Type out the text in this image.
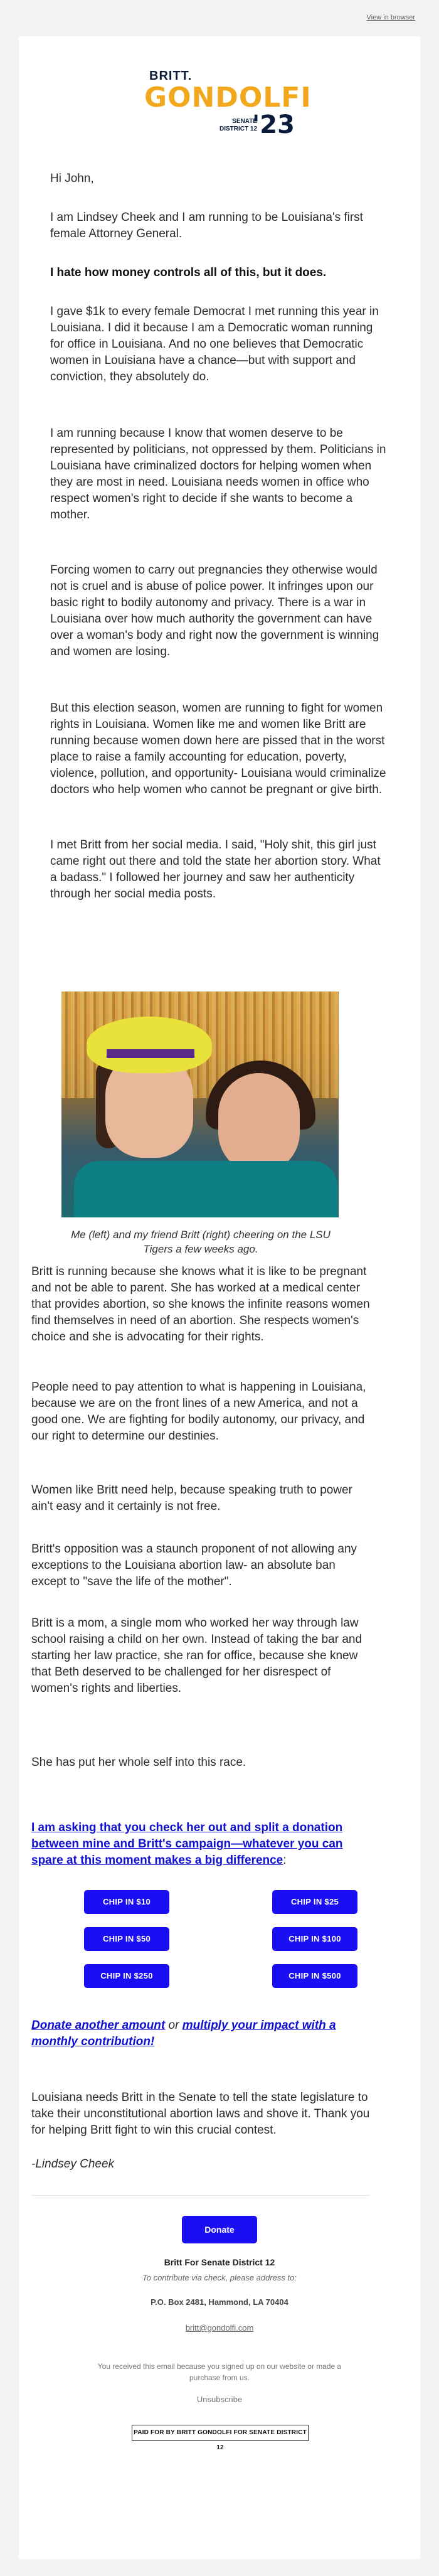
View in browser
BRITT.
GONDOLFI
SENATE
DISTRICT 12
'23

Hi John,

I am Lindsey Cheek and I am running to be Louisiana's first female Attorney General.

I hate how money controls all of this, but it does.

I gave $1k to every female Democrat I met running this year in Louisiana. I did it because I am a Democratic woman running for office in Louisiana. And no one believes that Democratic women in Louisiana have a chance—but with support and conviction, they absolutely do.

I am running because I know that women deserve to be represented by politicians, not oppressed by them. Politicians in Louisiana have criminalized doctors for helping women when they are most in need. Louisiana needs women in office who respect women's right to decide if she wants to become a mother.

Forcing women to carry out pregnancies they otherwise would not is cruel and is abuse of police power. It infringes upon our basic right to bodily autonomy and privacy. There is a war in Louisiana over how much authority the government can have over a woman's body and right now the government is winning and women are losing.

But this election season, women are running to fight for women rights in Louisiana. Women like me and women like Britt are running because women down here are pissed that in the worst place to raise a family accounting for education, poverty, violence, pollution, and opportunity- Louisiana would criminalize doctors who help women who cannot be pregnant or give birth.

I met Britt from her social media. I said, "Holy shit, this girl just came right out there and told the state her abortion story. What a badass." I followed her journey and saw her authenticity through her social media posts.

Me (left) and my friend Britt (right) cheering on the LSU Tigers a few weeks ago.

Britt is running because she knows what it is like to be pregnant and not be able to parent. She has worked at a medical center that provides abortion, so she knows the infinite reasons women find themselves in need of an abortion. She respects women's choice and she is advocating for their rights.

People need to pay attention to what is happening in Louisiana, because we are on the front lines of a new America, and not a good one. We are fighting for bodily autonomy, our privacy, and our right to determine our destinies.

Women like Britt need help, because speaking truth to power ain't easy and it certainly is not free.

Britt's opposition was a staunch proponent of not allowing any exceptions to the Louisiana abortion law- an absolute ban except to "save the life of the mother".

Britt is a mom, a single mom who worked her way through law school raising a child on her own. Instead of taking the bar and starting her law practice, she ran for office, because she knew that Beth deserved to be challenged for her disrespect of women's rights and liberties.

She has put her whole self into this race.

I am asking that you check her out and split a donation between mine and Britt's campaign—whatever you can spare at this moment makes a big difference:
CHIP IN $10	CHIP IN $25
CHIP IN $50	CHIP IN $100
CHIP IN $250	CHIP IN $500
Donate another amount or multiply your impact with a monthly contribution!

Louisiana needs Britt in the Senate to tell the state legislature to take their unconstitutional abortion laws and shove it. Thank you for helping Britt fight to win this crucial contest.

-Lindsey Cheek
Donate
Britt For Senate District 12
To contribute via check, please address to:
P.O. Box 2481, Hammond, LA 70404
britt@gondolfi.com
You received this email because you signed up on our website or made a
purchase from us.
Unsubscribe
PAID FOR BY BRITT GONDOLFI FOR SENATE DISTRICT 12
